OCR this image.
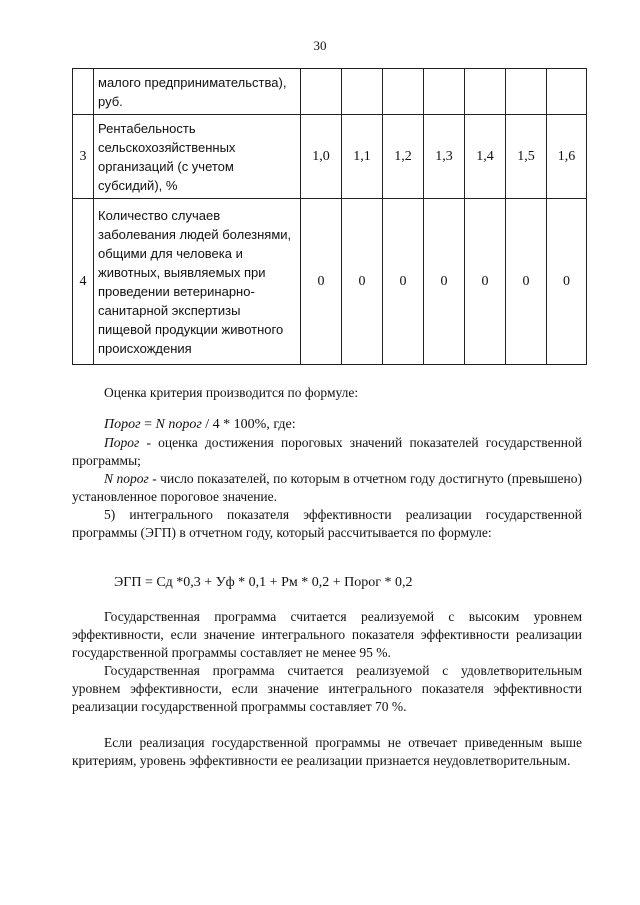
30
	малого предпринимательства), руб.							
3	Рентабельность сельскохозяйственных организаций (с учетом субсидий), %	1,0	1,1	1,2	1,3	1,4	1,5	1,6
4	Количество случаев заболевания людей болезнями, общими для человека и животных, выявляемых при проведении ветеринарно-санитарной экспертизы пищевой продукции животного происхождения	0	0	0	0	0	0	0
Оценка критерия производится по формуле:
Порог = N порог / 4 * 100%, где:
Порог - оценка достижения пороговых значений показателей государственной программы;
N порог - число показателей, по которым в отчетном году достигнуто (превышено) установленное пороговое значение.
5) интегрального показателя эффективности реализации государственной программы (ЭГП) в отчетном году, который рассчитывается по формуле:
ЭГП = Сд *0,3 + Уф * 0,1 + Рм * 0,2 + Порог * 0,2
Государственная программа считается реализуемой с высоким уровнем эффективности, если значение интегрального показателя эффективности реализации государственной программы составляет не менее 95 %.
Государственная программа считается реализуемой с удовлетворительным уровнем эффективности, если значение интегрального показателя эффективности реализации государственной программы составляет 70 %.
Если реализация государственной программы не отвечает приведенным выше критериям, уровень эффективности ее реализации признается неудовлетворительным.
